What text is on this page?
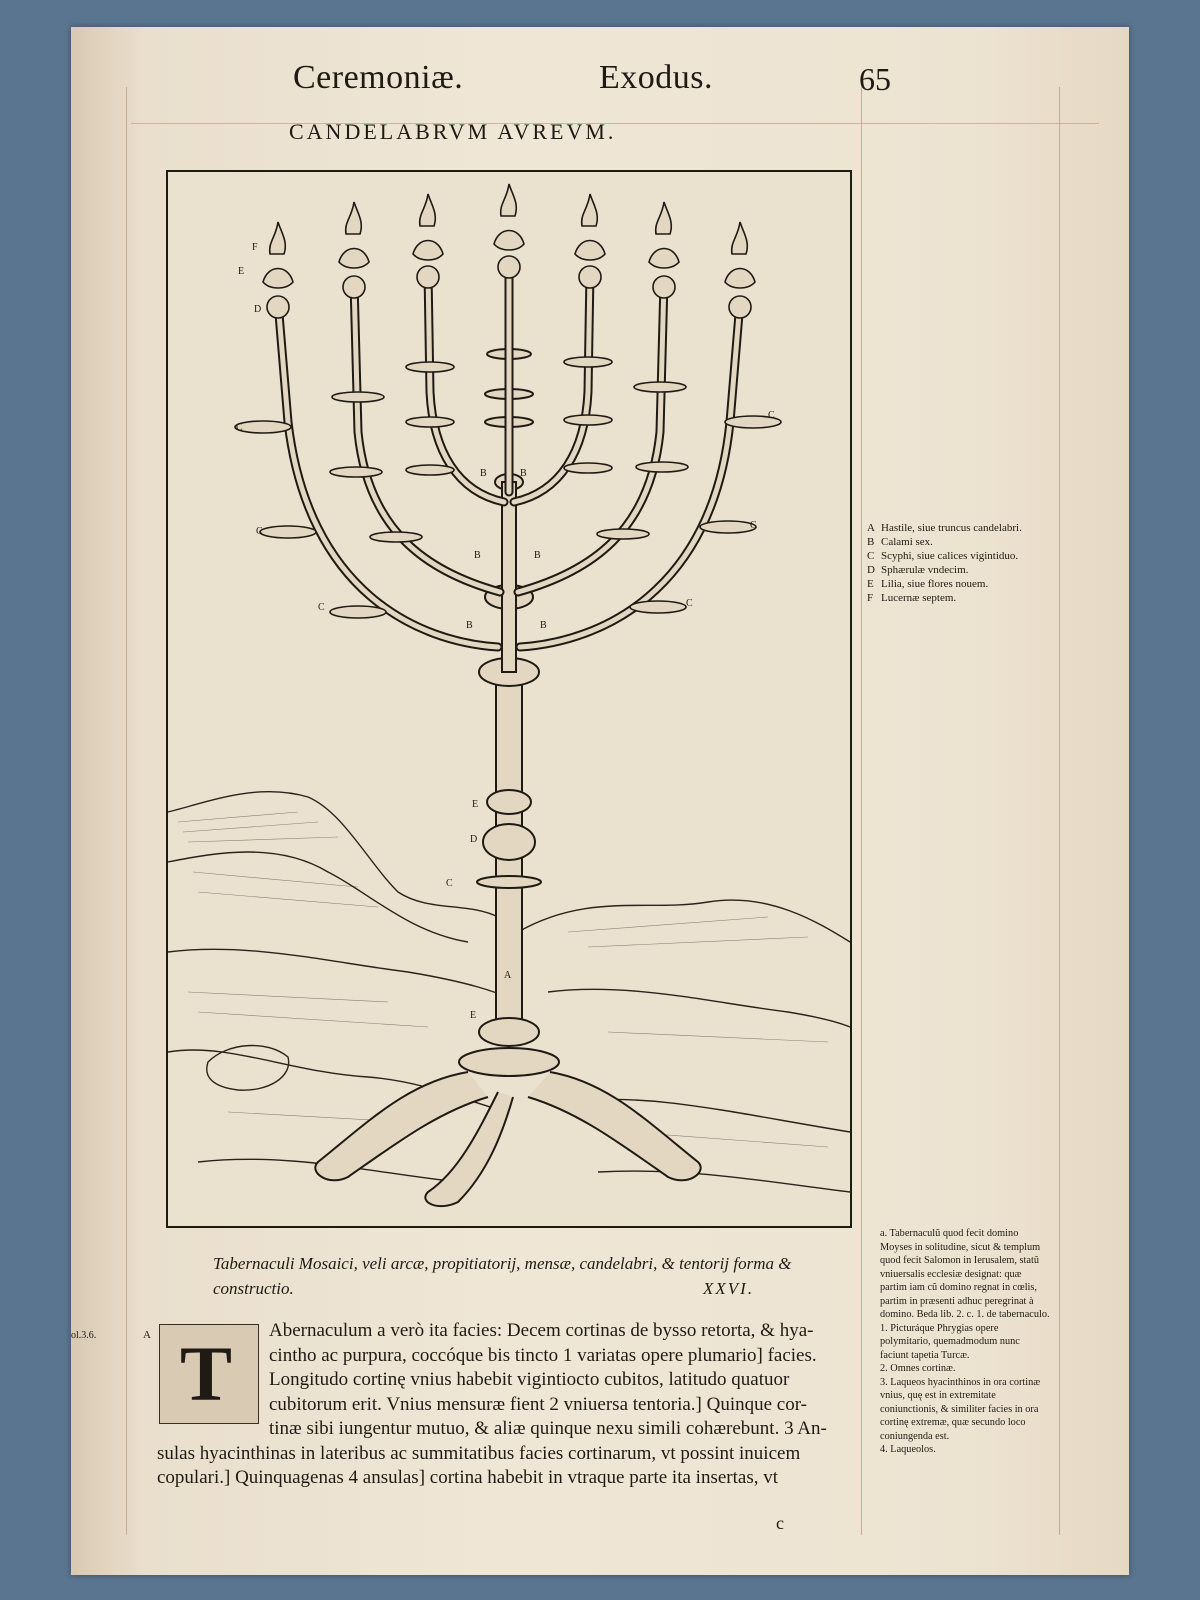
Ceremoniæ.	Exodus.	65
CANDELABRVM AVREVM.
F
E
D
C
C
C
C
C
C
B	B
B	B
B	B
E
D
C
A
E
A Hastile, siue truncus candelabri.
B Calami sex.
C Scyphi, siue calices vigintiduo.
D Sphærulæ vndecim.
E Lilia, siue flores nouem.
F Lucernæ septem.
Tabernaculi Mosaici, veli arcæ, propitiatorij, mensæ, candelabri, & tentorij forma & constructio.	XXVI.
ol.3.6.	A T	Abernaculum a verò ita facies: Decem cortinas de bysso retorta, & hya-
cintho ac purpura, coccóque bis tincto 1 variatas opere plumario] facies.
Longitudo cortinę vnius habebit vigintiocto cubitos, latitudo quatuor
cubitorum erit. Vnius mensuræ fient 2 vniuersa tentoria.] Quinque cor-
tinæ sibi iungentur mutuo, & aliæ quinque nexu simili cohærebunt. 3 An-
sulas hyacinthinas in lateribus ac summitatibus facies cortinarum, vt possint inuicem
copulari.] Quinquagenas 4 ansulas] cortina habebit in vtraque parte ita insertas, vt

a. Tabernaculũ quod fecit domino Moyses in solitudine, sicut & templum quod fecit Salomon in Ierusalem, statũ vniuersalis ecclesiæ designat: quæ partim iam cũ domino regnat in cœlis, partim in præsenti adhuc peregrinat à domino. Beda lib. 2. c. 1. de tabernaculo.

1. Picturáque Phrygias opere polymitario, quemadmodum nunc faciunt tapetia Turcæ.

2. Omnes cortinæ.

3. Laqueos hyacinthinos in ora cortinæ vnius, quę est in extremitate coniunctionis, & similiter facies in ora cortinę extremæ, quæ secundo loco coniungenda est.

4. Laqueolos.

c
